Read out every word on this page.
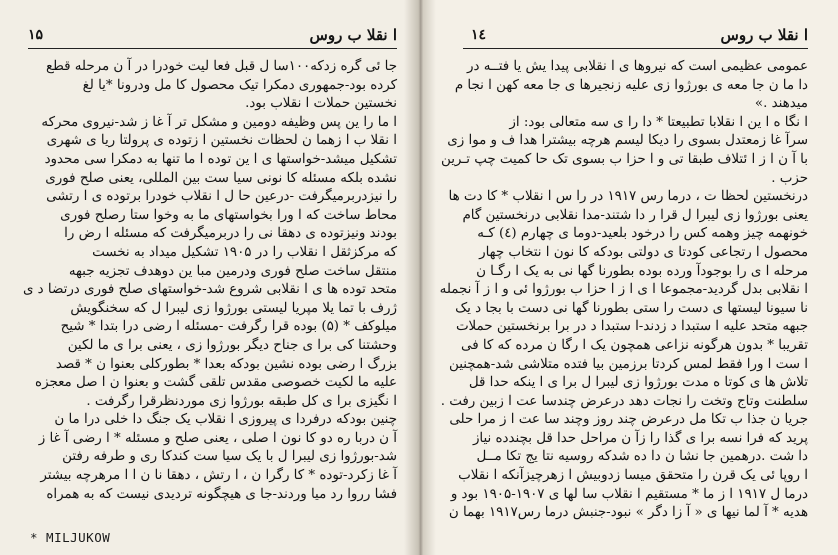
ا نقلا ب روس
۱۵
جا ئی گره زدکه۱۰۰سا ل قبل فعا لیت خودرا در آ ن مرحله قطع
کرده بود-جمهوری دمکرا تیک محصول کا مل ودرونا *یا لغ
نخستین حملات ا نقلاب بود.
ا ما را ین پس وظیفه دومین و مشکل تر آ غا ز شد-نیروی محرکه
ا نقلا ب ا زهما ن لحظات نخستین ا زتوده ی پرولتا ریا ی شهری
تشکیل میشد-خواستها ی ا ین توده ا ما تنها به دمکرا سی محدود
نشده بلکه مسئله کا نونی سیا ست بین المللی، یعنی صلح فوری
را نیزدربرمیگرفت -درعین حا ل ا نقلاب خودرا برتوده ی ا رتشی
محاط ساخت که ا ورا بخواستهای ما به وخوا ستا رصلح فوری
بودند ونیزتوده ی دهقا نی را دربرمیگرفت که مسئله ا رض را
که مرکزثقل ا نقلاب را در ۱۹۰۵ تشکیل میداد به نخست
منتقل ساخت صلح فوری ودرمین مبا ین دوهدف تجزیه جبهه
متحد توده ها ی ا نقلابی شروع شد-خواستهای صلح فوری درتضا د ی
ژرف با تما یلا مپریا لیستی بورژوا زی لیبرا ل که سخنگویش
میلوکف * (۵) بوده قرا رگرفت -مسئله ا رضی درا بتدا * شیح
وحشتنا کی برا ی جناح دیگر بورژوا زی ، یعنی برا ی ما لکین
بزرگ ا رضی بوده نشین بودکه بعدا * بطورکلی بعنوا ن * قصد
علیه ما لکیت خصوصی مقدس تلقی گشت و بعنوا ن ا صل معجزه
ا نگیزی برا ی کل طبقه بورژوا زی موردنظرقرا رگرفت .
چنین بودکه درفردا ی پیروزی ا نقلاب یک جنگ دا خلی درا ما ن
آ ن دربا ره دو کا نون ا صلی ، یعنی صلح و مسئله * ا رضی آ غا ز
شد-بورژوا زی لیبرا ل با یک سیا ست کندکا ری و طرفه رفتن
آ غا زکرد-توده * کا رگرا ن ، ا رتش ، دهقا نا ن ا ا مرهرچه بیشتر
فشا رروا رد میا وردند-جا ی هیچگونه تردیدی نیست که به همراه
* MILJUKOW
ا نقلا ب روس
۱٤
عمومی عظیمی است که نیروها ی ا نقلابی پیدا یش یا فتــه در
دا ما ن جا معه ی بورژوا زی علیه زنجیرها ی جا معه کهن ا نجا م
میدهند .»
ا نگا ه ا ین ا نقلابا تطبیعتا * دا را ی سه متعالی بود: از
سرآ غا زمعتدل بسوی را دیکا لیسم هرچه بیشترا هدا ف و موا زی
با آ ن ا ز ا ئتلاف طبقا تی و ا حزا ب بسوی تک حا کمیت چپ تـرین
حزب .
درنخستین لحظا ت ، درما رس ۱۹۱۷ در را س ا نقلاب * کا دت ها
یعنی بورژوا زی لیبرا ل قرا ر دا شتند-مدا نقلابی درنخستین گام
خونهمه چیز وهمه کس را درخود بلعید-دوما ی چهارم (٤) کـه
محصول ا رتجاعی کودتا ی دولتی بودکه کا نون ا نتخاب چهار
مرحله ا ی را بوجودآ ورده بوده بطورنا گها نی به یک ا رگـا ن
ا نقلابی بدل گردید-مجموعا ا ی ا ز ا حزا ب بورژوا ئی و ا ز آ نجمله
نا سیونا لیستها ی دست را ستی بطورنا گها نی دست با بجا د یک
جبهه متحد علیه ا ستبدا د زدند-ا ستبدا د در برا برنخستین حملات
تقریبا * بدون هرگونه نزاعی همچون یک ا رگا ن مرده که کا فی
ا ست ا ورا فقط لمس کردتا برزمین بیا فتده متلاشی شد-همچنین
تلاش ها ی کوتا ه مدت بورژوا زی لیبرا ل برا ی ا ینکه حدا قل
سلطنت وتاج وتخت را نجات دهد درعرض چندسا عت ا زبین رفت .
جریا ن جذا ب تکا مل درعرض چند روز وچند سا عت ا ز مرا حلی
پرید که فرا نسه برا ی گذا را زآ ن مراحل حدا قل بچندده نیاز
دا شت .درهمین جا نشا ن دا ده شدکه روسیه نتا یج تکا مــل
ا روپا ئی یک قرن را متحقق میسا زدوبیش ا زهرچیزآنکه ا نقلاب
درما ل ۱۹۱۷ ا ز ما * مستقیم ا نقلاب سا لها ی ۱۹۰۷-۱۹۰۵ بود و
هدیه * آ لما نیها ی « آ زا دگر » نبود-جنبش درما رس۱۹۱۷ بهما ن
